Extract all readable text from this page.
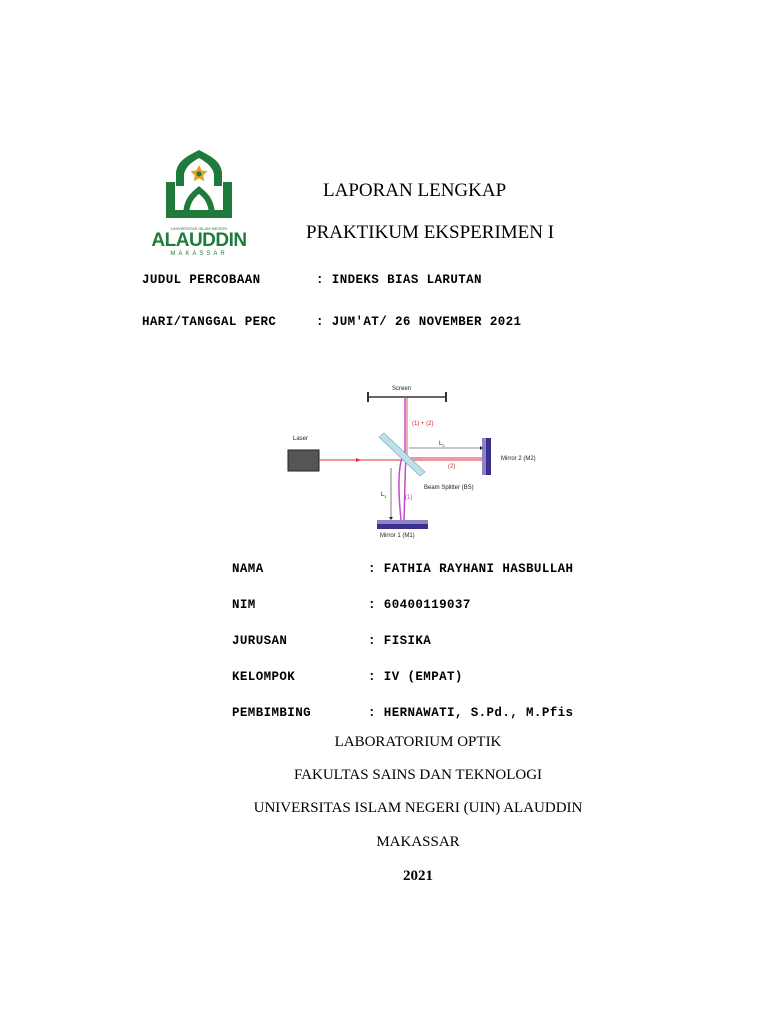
UNIVERSITAS ISLAM NEGERI
ALAUDDIN
MAKASSAR
LAPORAN LENGKAP
PRAKTIKUM EKSPERIMEN I
JUDUL PERCOBAAN	: INDEKS BIAS LARUTAN
HARI/TANGGAL PERC	: JUM'AT/ 26 NOVEMBER 2021
Screen
Laser
Mirror 2 (M2)
Mirror 1 (M1)
$L_2$
$L_1$
(1) + (2)
(2)
(1)
Beam Splitter (BS)
NAMA	: FATHIA RAYHANI HASBULLAH
NIM	: 60400119037
JURUSAN	: FISIKA
KELOMPOK	: IV (EMPAT)
PEMBIMBING	: HERNAWATI, S.Pd., M.Pfis
LABORATORIUM OPTIK
FAKULTAS SAINS DAN TEKNOLOGI
UNIVERSITAS ISLAM NEGERI (UIN) ALAUDDIN
MAKASSAR
2021
